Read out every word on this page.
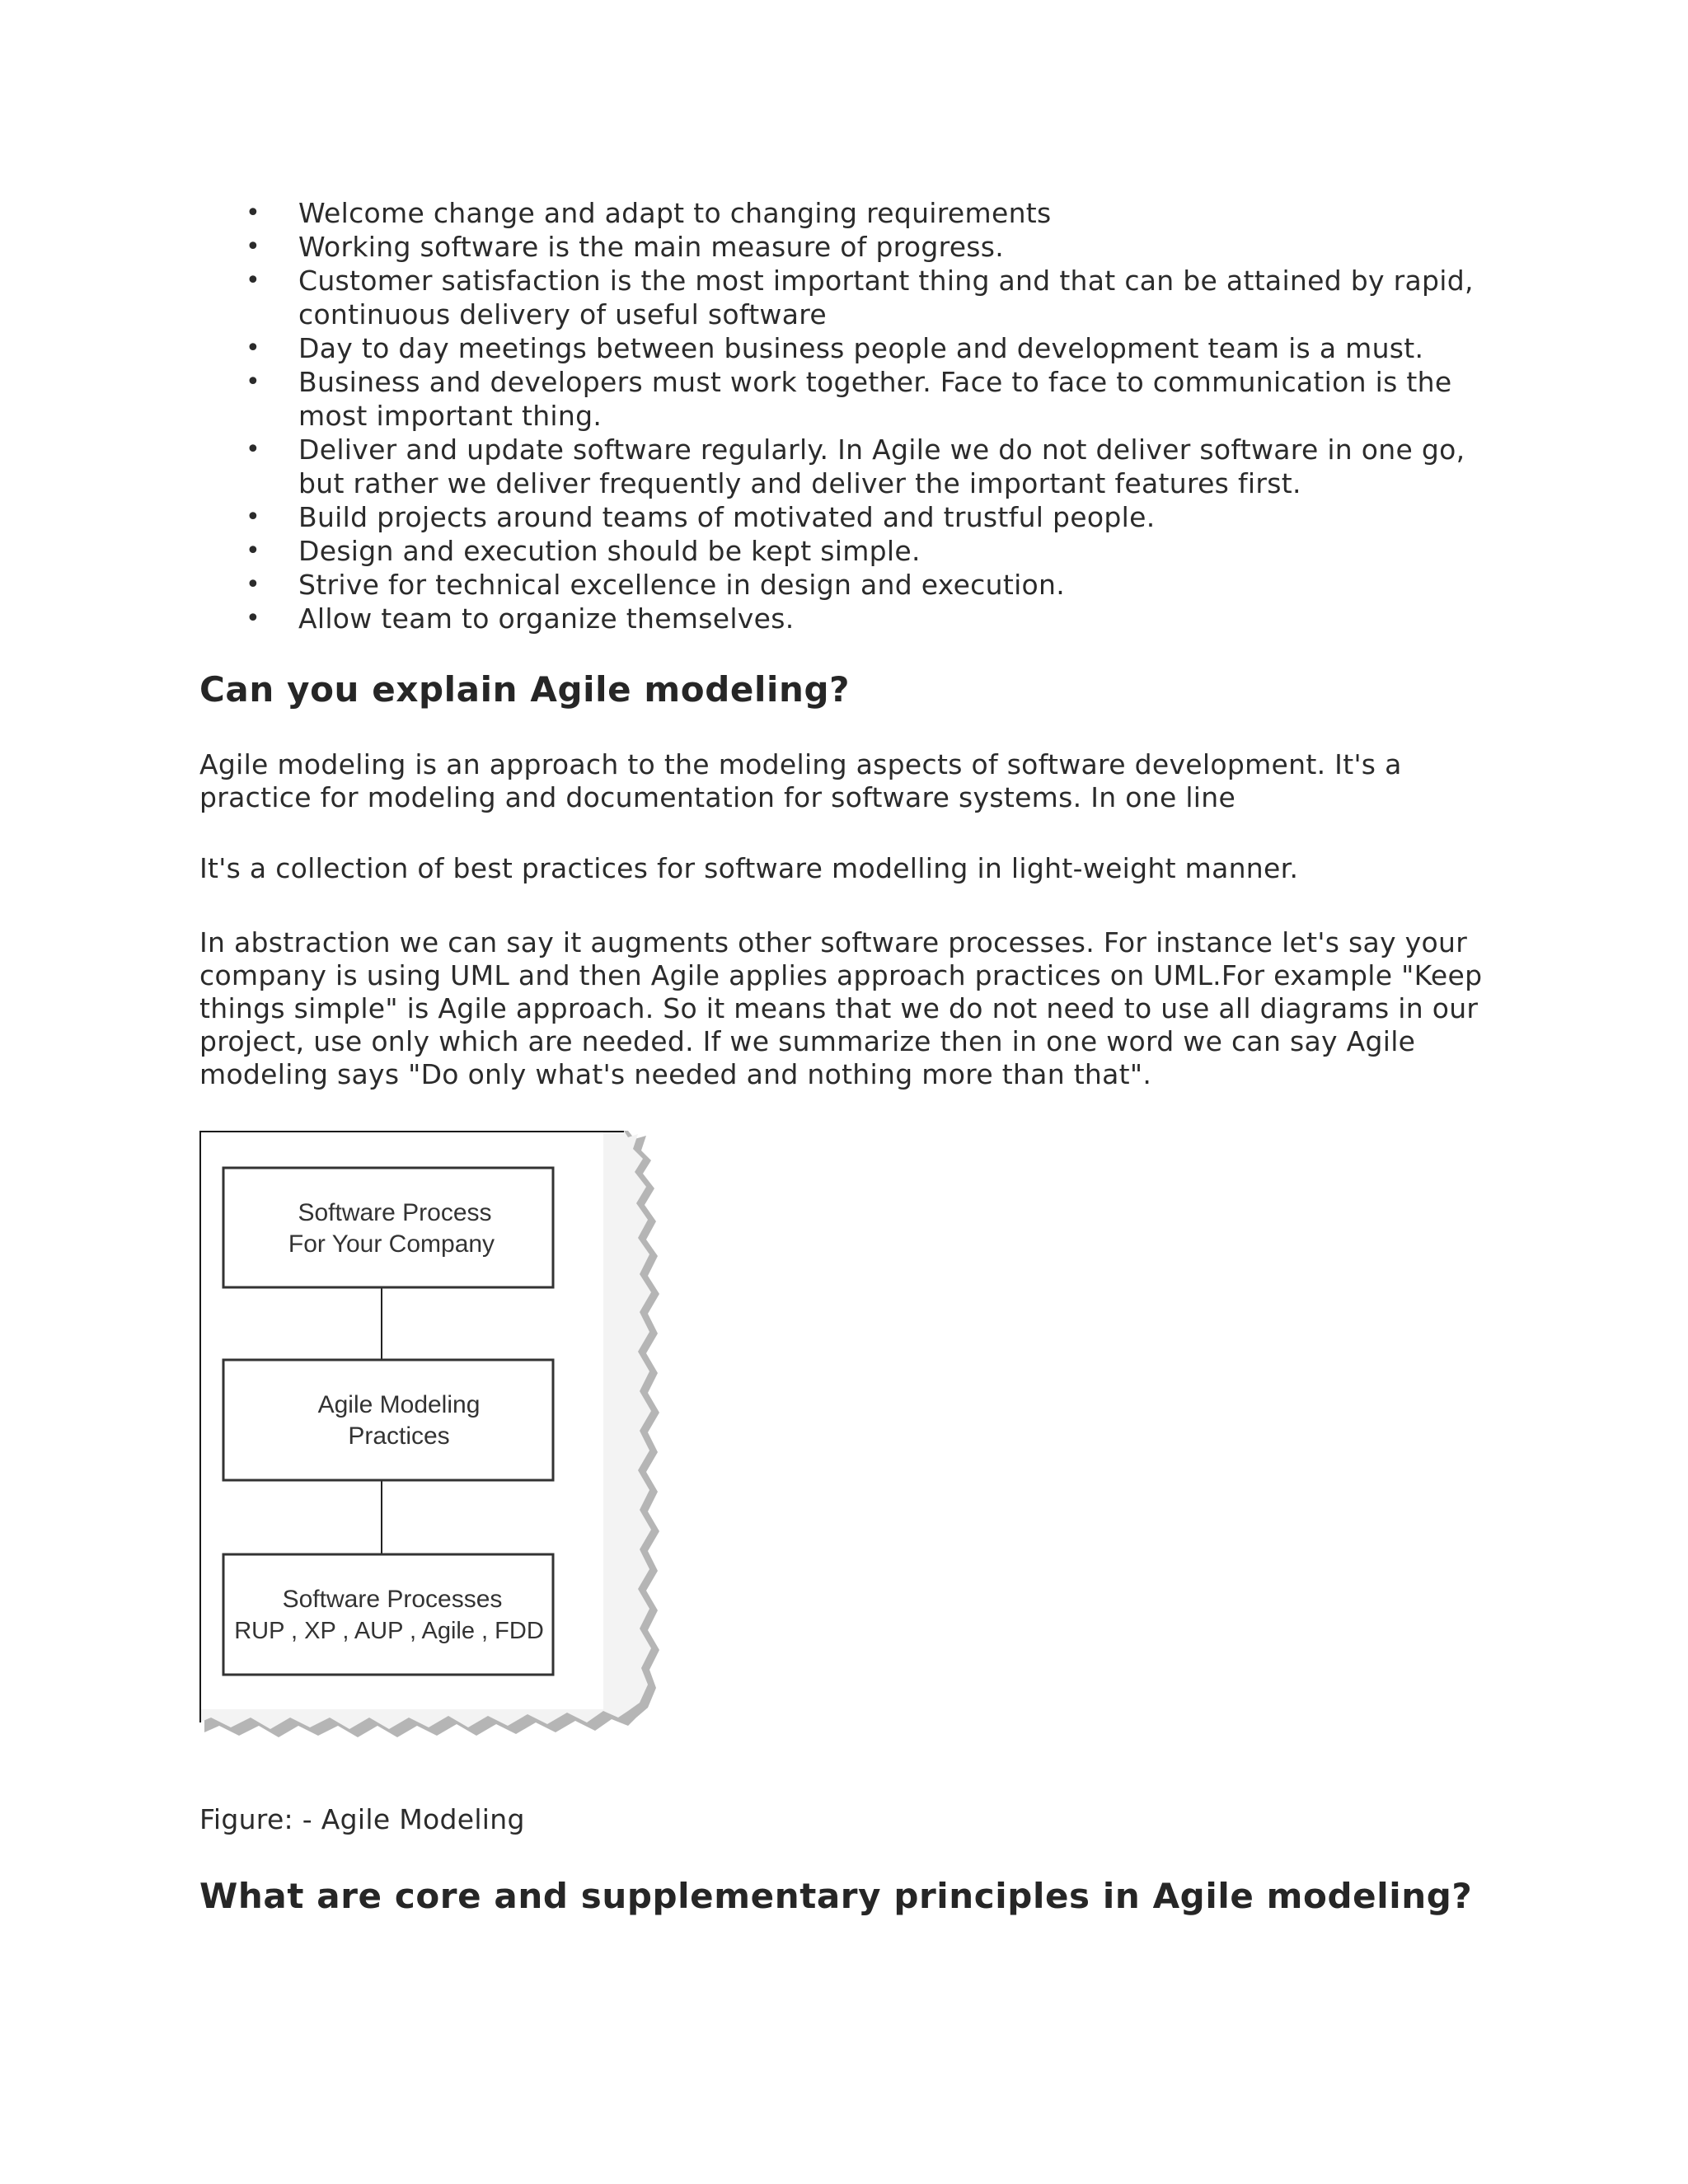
• Welcome change and adapt to changing requirements
• Working software is the main measure of progress.
• Customer satisfaction is the most important thing and that can be attained by rapid, continuous delivery of useful software
• Day to day meetings between business people and development team is a must.
• Business and developers must work together. Face to face to communication is the most important thing.
• Deliver and update software regularly. In Agile we do not deliver software in one go, but rather we deliver frequently and deliver the important features first.
• Build projects around teams of motivated and trustful people.
• Design and execution should be kept simple.
• Strive for technical excellence in design and execution.
• Allow team to organize themselves.
Can you explain Agile modeling?

Agile modeling is an approach to the modeling aspects of software development. It's a practice for modeling and documentation for software systems. In one line

It's a collection of best practices for software modelling in light-weight manner.

In abstraction we can say it augments other software processes. For instance let's say your company is using UML and then Agile applies approach practices on UML.For example "Keep things simple" is Agile approach. So it means that we do not need to use all diagrams in our project, use only which are needed. If we summarize then in one word we can say Agile modeling says "Do only what's needed and nothing more than that".

Software Process
For Your Company
Agile Modeling
Practices
Software Processes
RUP , XP , AUP , Agile , FDD

Figure: - Agile Modeling

What are core and supplementary principles in Agile modeling?
